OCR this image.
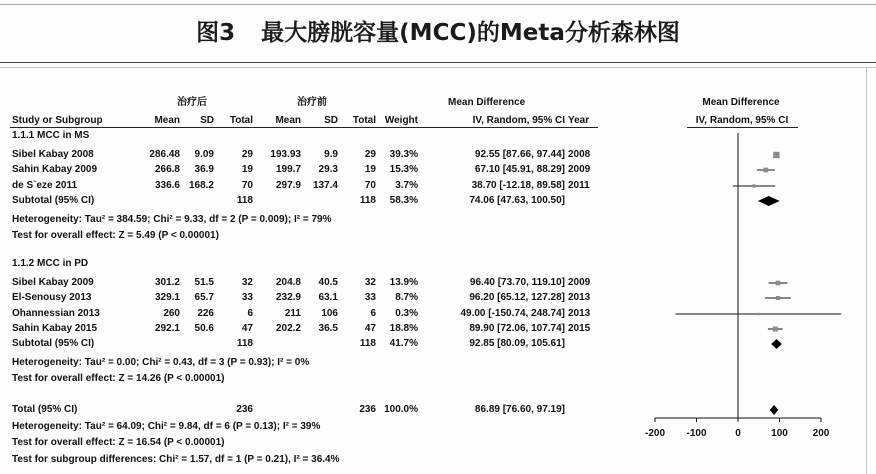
图3 最大膀胱容量(MCC)的Meta分析森林图
治疗后	治疗前	Mean Difference	Mean Difference
Study or Subgroup	Mean SD Total Mean SD Total Weight	IV, Random, 95% CI Year	IV, Random, 95% CI
-200 -100	0	100 200
1.1.1 MCC in MS
Sibel Kabay 2008	286.48 9.09	29 193.93 9.9	29 39.3%	92.55 [87.66, 97.44] 2008
Sahin Kabay 2009	266.8 36.9	19 199.7 29.3	19 15.3%	67.10 [45.91, 88.29] 2009
de S`eze 2011	336.6 168.2	70 297.9 137.4	70 3.7%	38.70 [-12.18, 89.58] 2011
Subtotal (95% CI)	118	118 58.3%	74.06 [47.63, 100.50]
Heterogeneity: Tau² = 384.59; Chi² = 9.33, df = 2 (P = 0.009); I² = 79%
Test for overall effect: Z = 5.49 (P < 0.00001)
1.1.2 MCC in PD
Sibel Kabay 2009	301.2 51.5	32 204.8 40.5	32 13.9%	96.40 [73.70, 119.10] 2009
El-Senousy 2013	329.1 65.7	33 232.9 63.1	33 8.7%	96.20 [65.12, 127.28] 2013
Ohannessian 2013	260 226	6	211 106	6 0.3%	49.00 [-150.74, 248.74] 2013
Sahin Kabay 2015	292.1 50.6	47 202.2 36.5	47 18.8%	89.90 [72.06, 107.74] 2015
Subtotal (95% CI)	118	118 41.7%	92.85 [80.09, 105.61]
Heterogeneity: Tau² = 0.00; Chi² = 0.43, df = 3 (P = 0.93); I² = 0%
Test for overall effect: Z = 14.26 (P < 0.00001)
Total (95% CI)	236	236 100.0%	86.89 [76.60, 97.19]
Heterogeneity: Tau² = 64.09; Chi² = 9.84, df = 6 (P = 0.13); I² = 39%
Test for overall effect: Z = 16.54 (P < 0.00001)
Test for subgroup differences: Chi² = 1.57, df = 1 (P = 0.21), I² = 36.4%
